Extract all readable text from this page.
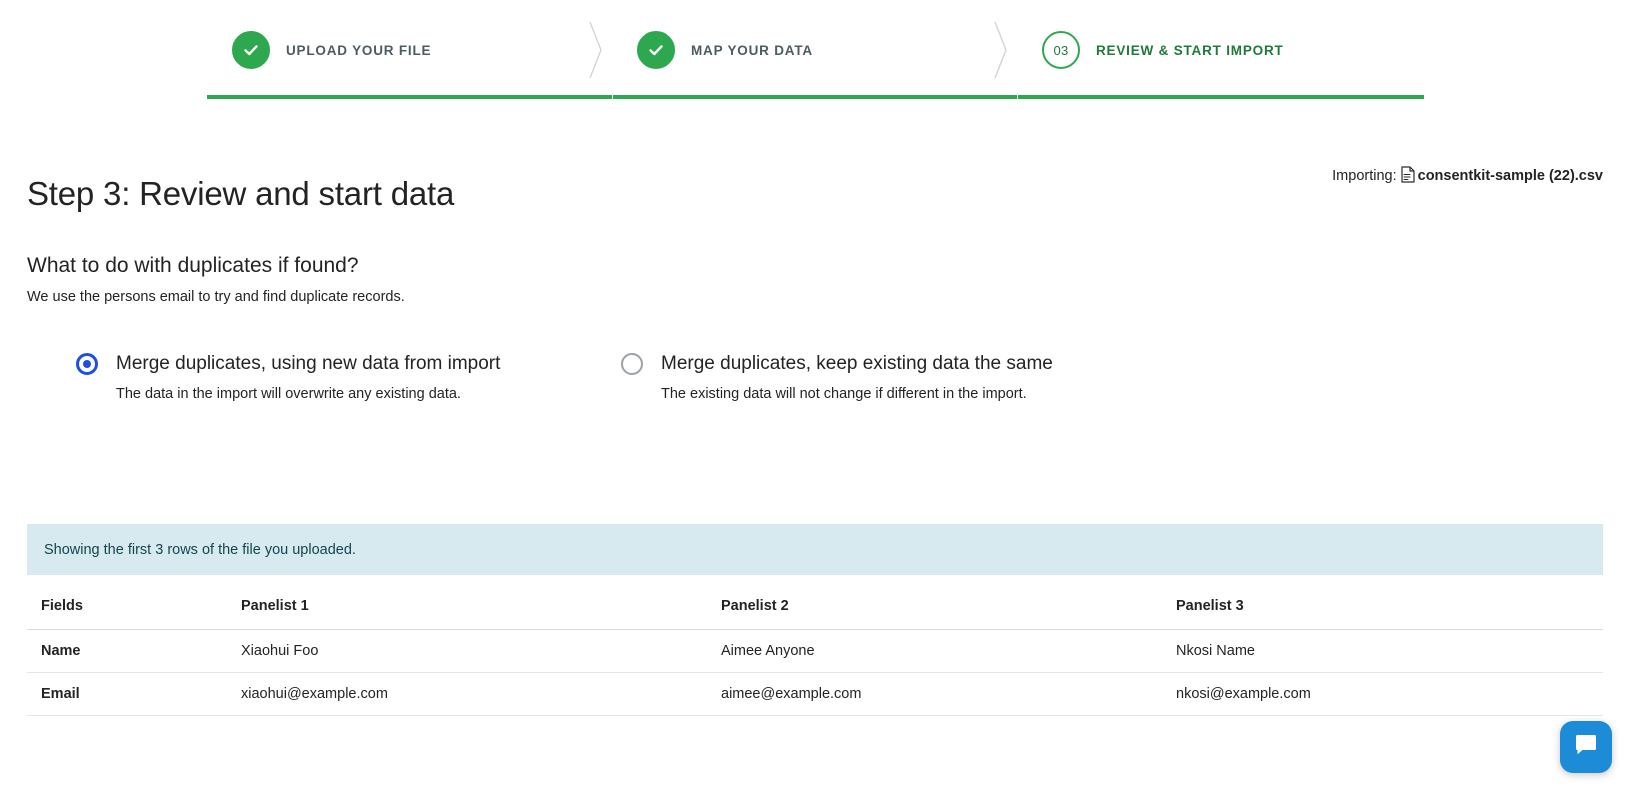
UPLOAD YOUR FILE	MAP YOUR DATA	03 REVIEW & START IMPORT
Step 3: Review and start data	Importing: consentkit-sample (22).csv
What to do with duplicates if found?

We use the persons email to try and find duplicate records.

Merge duplicates, using new data from import
The data in the import will overwrite any existing data.
Merge duplicates, keep existing data the same
The existing data will not change if different in the import.
Showing the first 3 rows of the file you uploaded.
Fields	Panelist 1	Panelist 2	Panelist 3
Name	Xiaohui Foo	Aimee Anyone	Nkosi Name
Email	xiaohui@example.com	aimee@example.com	nkosi@example.com
